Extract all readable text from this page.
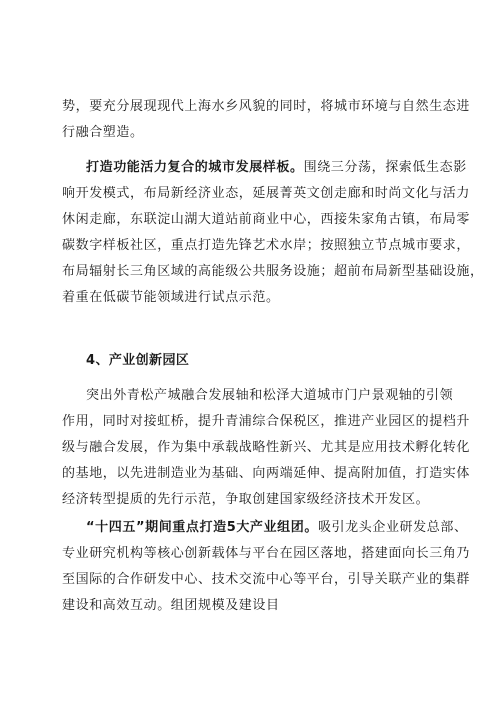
势，要充分展现现代上海水乡风貌的同时，将城市环境与自然生态进
行融合塑造。
打造功能活力复合的城市发展样板。围绕三分荡，探索低生态影
响开发模式，布局新经济业态，延展菁英文创走廊和时尚文化与活力
休闲走廊，东联淀山湖大道站前商业中心，西接朱家角古镇，布局零
碳数字样板社区，重点打造先锋艺术水岸；按照独立节点城市要求，
布局辐射长三角区域的高能级公共服务设施；超前布局新型基础设施，
着重在低碳节能领域进行试点示范。
4、产业创新园区
突出外青松产城融合发展轴和松泽大道城市门户景观轴的引领
作用，同时对接虹桥，提升青浦综合保税区，推进产业园区的提档升
级与融合发展，作为集中承载战略性新兴、尤其是应用技术孵化转化
的基地，以先进制造业为基础、向两端延伸、提高附加值，打造实体
经济转型提质的先行示范，争取创建国家级经济技术开发区。
“十四五”期间重点打造5大产业组团。吸引龙头企业研发总部、
专业研究机构等核心创新载体与平台在园区落地，搭建面向长三角乃
至国际的合作研发中心、技术交流中心等平台，引导关联产业的集群
建设和高效互动。组团规模及建设目
